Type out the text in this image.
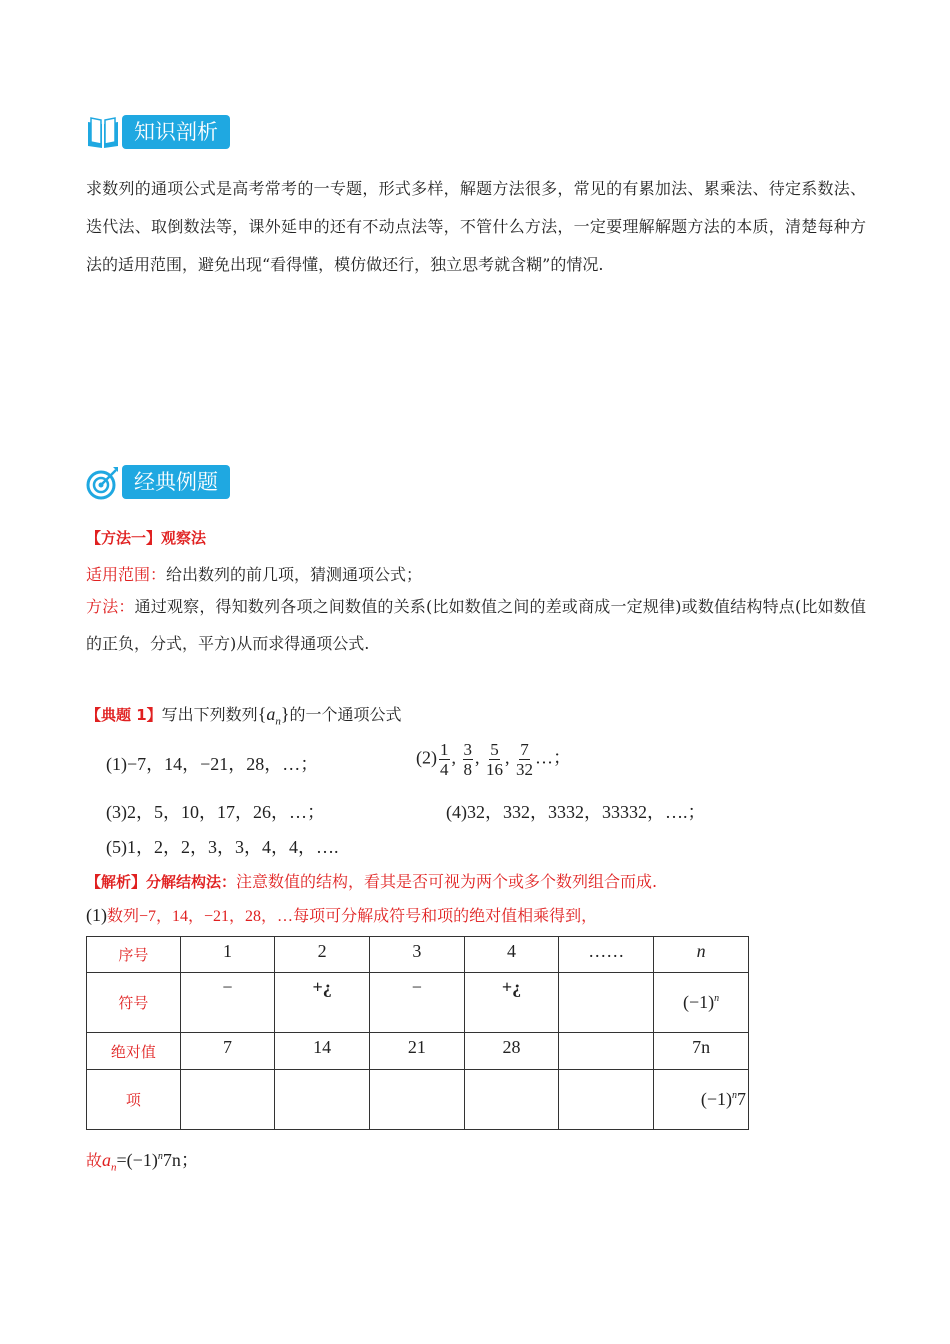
知识剖析
求数列的通项公式是高考常考的一专题，形式多样，解题方法很多，常见的有累加法、累乘法、待定系数法、迭代法、取倒数法等，课外延申的还有不动点法等，不管什么方法，一定要理解解题方法的本质，清楚每种方法的适用范围，避免出现“看得懂，模仿做还行，独立思考就含糊”的情况.
经典例题
【方法一】观察法
适用范围：给出数列的前几项，猜测通项公式；
方法：通过观察，得知数列各项之间数值的关系(比如数值之间的差或商成一定规律)或数值结构特点(比如数值的正负，分式，平方)从而求得通项公式.
【典题 1】写出下列数列$\{a_n\}$的一个通项公式
(1)−7，14，−21，28，…；	$(2) \frac{1}{4}$ , $\frac{3}{8}$ , $\frac{5}{16}$ , $\frac{7}{32}$ …；
(3)2，5，10，17，26，…；	(4)32，332，3332，33332，….；
(5)1，2，2，3，3，4，4，….
【解析】分解结构法：注意数值的结构，看其是否可视为两个或多个数列组合而成.
(1)数列−7，14，−21，28，…每项可分解成符号和项的绝对值相乘得到，
序号	1	2	3	4	……	n
符号	−	+¿	−	+¿		$(-1)^n$
绝对值	7	14	21	28		7n
项						$(-1)^n7$
故$a_n=(-1)^n7n$；
